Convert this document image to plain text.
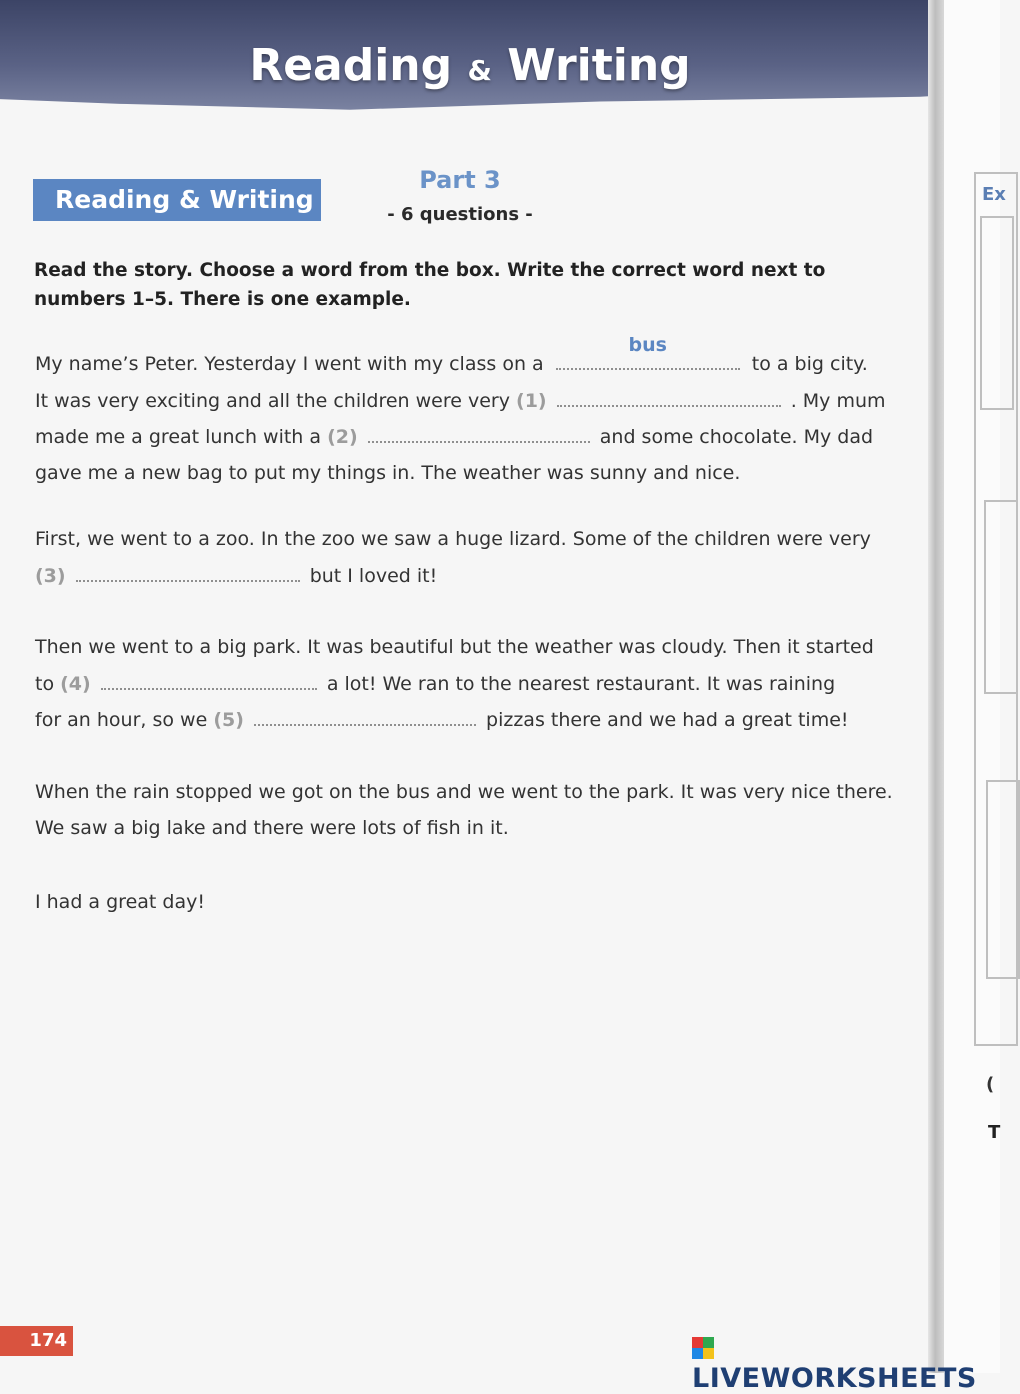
Reading & Writing
Ex
(
T
Reading & Writing
Part 3
- 6 questions -
Read the story. Choose a word from the box. Write the correct word next to numbers 1–5. There is one example.
My name’s Peter. Yesterday I went with my class on a
bus
to a big city.
It was very exciting and all the children were very (1)	. My mum
made me a great lunch with a (2)	and some chocolate. My dad
gave me a new bag to put my things in. The weather was sunny and nice.
First, we went to a zoo. In the zoo we saw a huge lizard. Some of the children were very
(3)	but I loved it!
Then we went to a big park. It was beautiful but the weather was cloudy. Then it started
to (4)	a lot! We ran to the nearest restaurant. It was raining
for an hour, so we (5)	pizzas there and we had a great time!
When the rain stopped we got on the bus and we went to the park. It was very nice there.
We saw a big lake and there were lots of fish in it.
I had a great day!
174
LIVEWORKSHEETS
